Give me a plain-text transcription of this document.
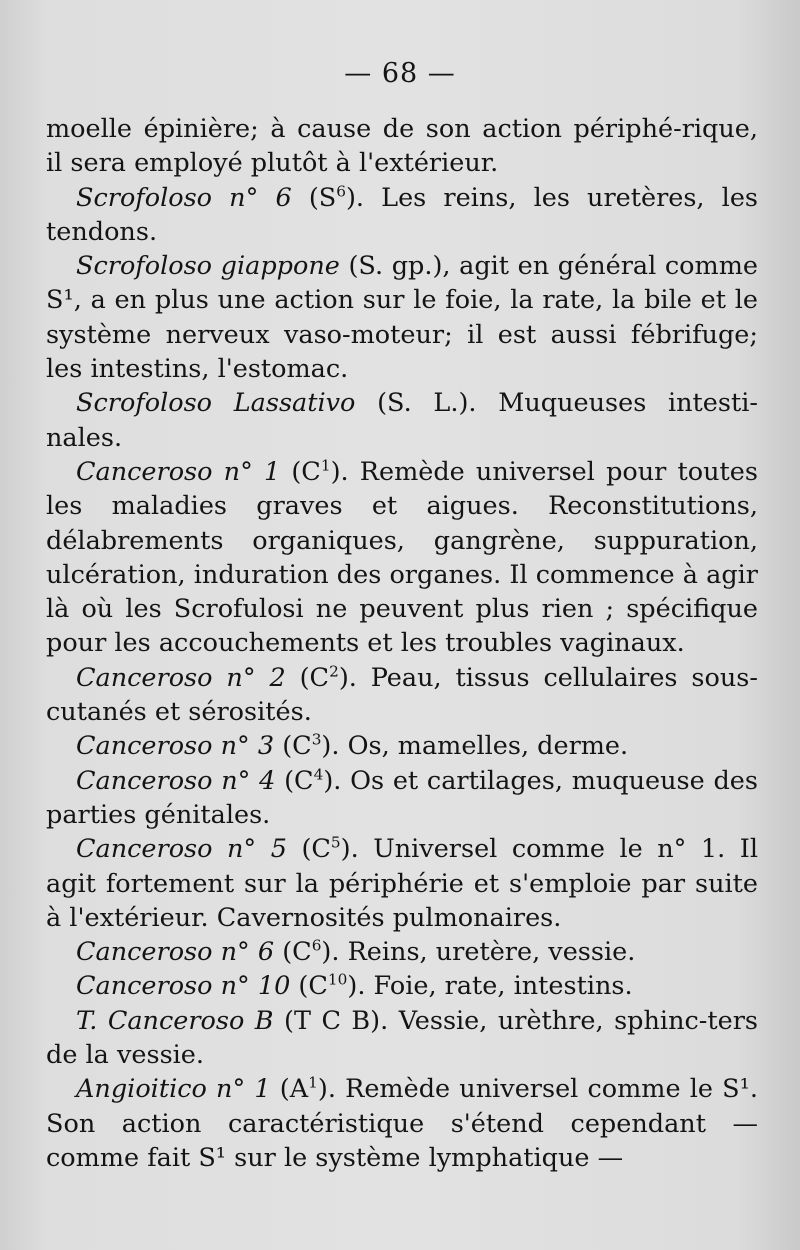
— 68 —

moelle épinière; à cause de son action périphé-rique, il sera employé plutôt à l'extérieur.

Scrofoloso n° 6 $(S^6)$. Les reins, les uretères, les tendons.

Scrofoloso giappone (S. gp.), agit en général comme S¹, a en plus une action sur le foie, la rate, la bile et le système nerveux vaso-moteur; il est aussi fébrifuge; les intestins, l'estomac.

Scrofoloso Lassativo (S. L.). Muqueuses intesti-nales.

Canceroso n° 1 $(C^1)$. Remède universel pour toutes les maladies graves et aigues. Reconstitutions, délabrements organiques, gangrène, suppuration, ulcération, induration des organes. Il commence à agir là où les Scrofulosi ne peuvent plus rien ; spécifique pour les accouchements et les troubles vaginaux.

Canceroso n° 2 $(C^2)$. Peau, tissus cellulaires sous-cutanés et sérosités.

Canceroso n° 3 $(C^3)$. Os, mamelles, derme.

Canceroso n° 4 $(C^4)$. Os et cartilages, muqueuse des parties génitales.

Canceroso n° 5 $(C^5)$. Universel comme le n° 1. Il agit fortement sur la périphérie et s'emploie par suite à l'extérieur. Cavernosités pulmonaires.

Canceroso n° 6 $(C^6)$. Reins, uretère, vessie.

Canceroso n° 10 $(C^{10})$. Foie, rate, intestins.

T. Canceroso B (T C B). Vessie, urèthre, sphinc-ters de la vessie.

Angioitico n° 1 $(A^1)$. Remède universel comme le S¹. Son action caractéristique s'étend cependant — comme fait S¹ sur le système lymphatique —
